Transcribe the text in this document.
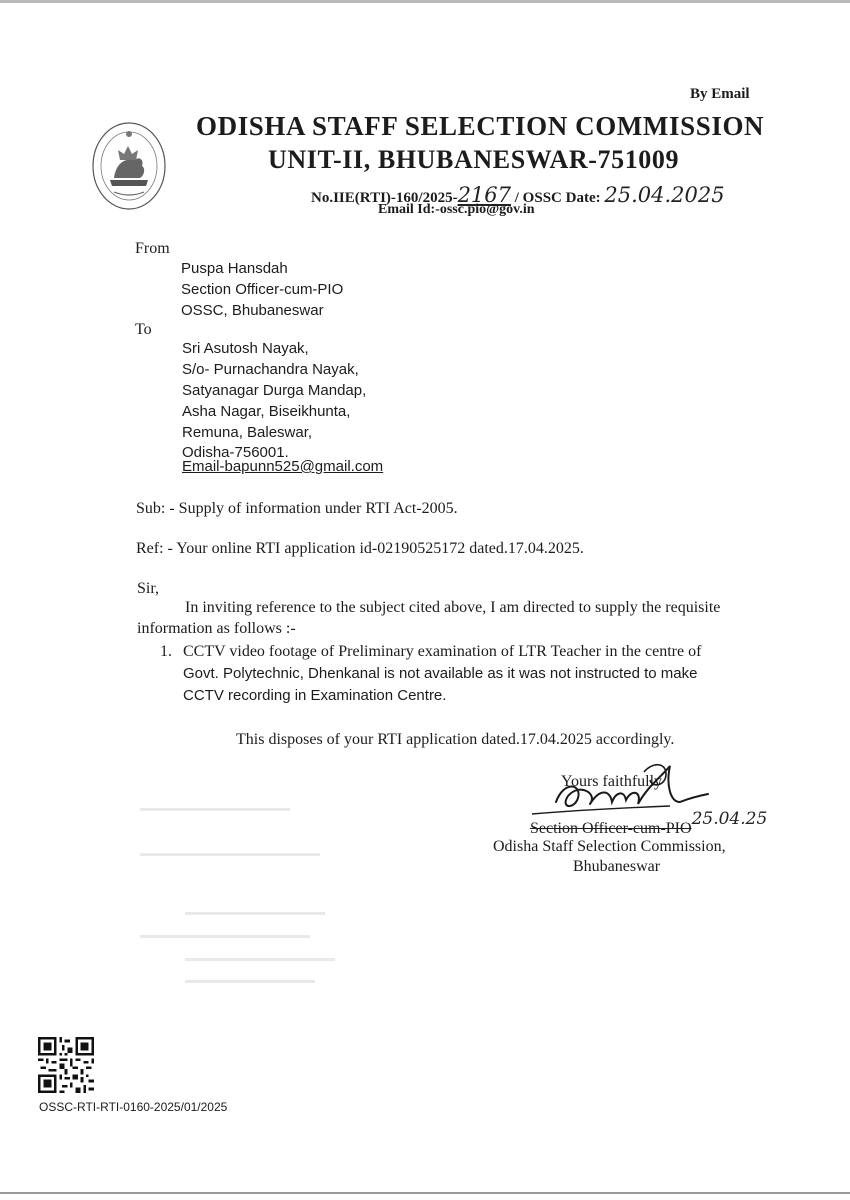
By Email
ODISHA STAFF SELECTION COMMISSION
UNIT-II, BHUBANESWAR-751009
No.IIE(RTI)-160/2025-2167 / OSSC Date: 25.04.2025
Email Id:-ossc.pio@gov.in
From
Puspa Hansdah
Section Officer-cum-PIO
OSSC, Bhubaneswar
To
Sri Asutosh Nayak,
S/o- Purnachandra Nayak,
Satyanagar Durga Mandap,
Asha Nagar, Biseikhunta,
Remuna, Baleswar,
Odisha-756001.
Email-bapunn525@gmail.com
Sub: - Supply of information under RTI Act-2005.
Ref: - Your online RTI application id-02190525172 dated.17.04.2025.
Sir,
In inviting reference to the subject cited above, I am directed to supply the requisite
information as follows :-
1. CCTV video footage of Preliminary examination of LTR Teacher in the centre of
Govt. Polytechnic, Dhenkanal is not available as it was not instructed to make
CCTV recording in Examination Centre.
This disposes of your RTI application dated.17.04.2025 accordingly.
Yours faithfully
Section Officer-cum-PIO25.04.25
Odisha Staff Selection Commission,
Bhubaneswar
OSSC-RTI-RTI-0160-2025/01/2025
